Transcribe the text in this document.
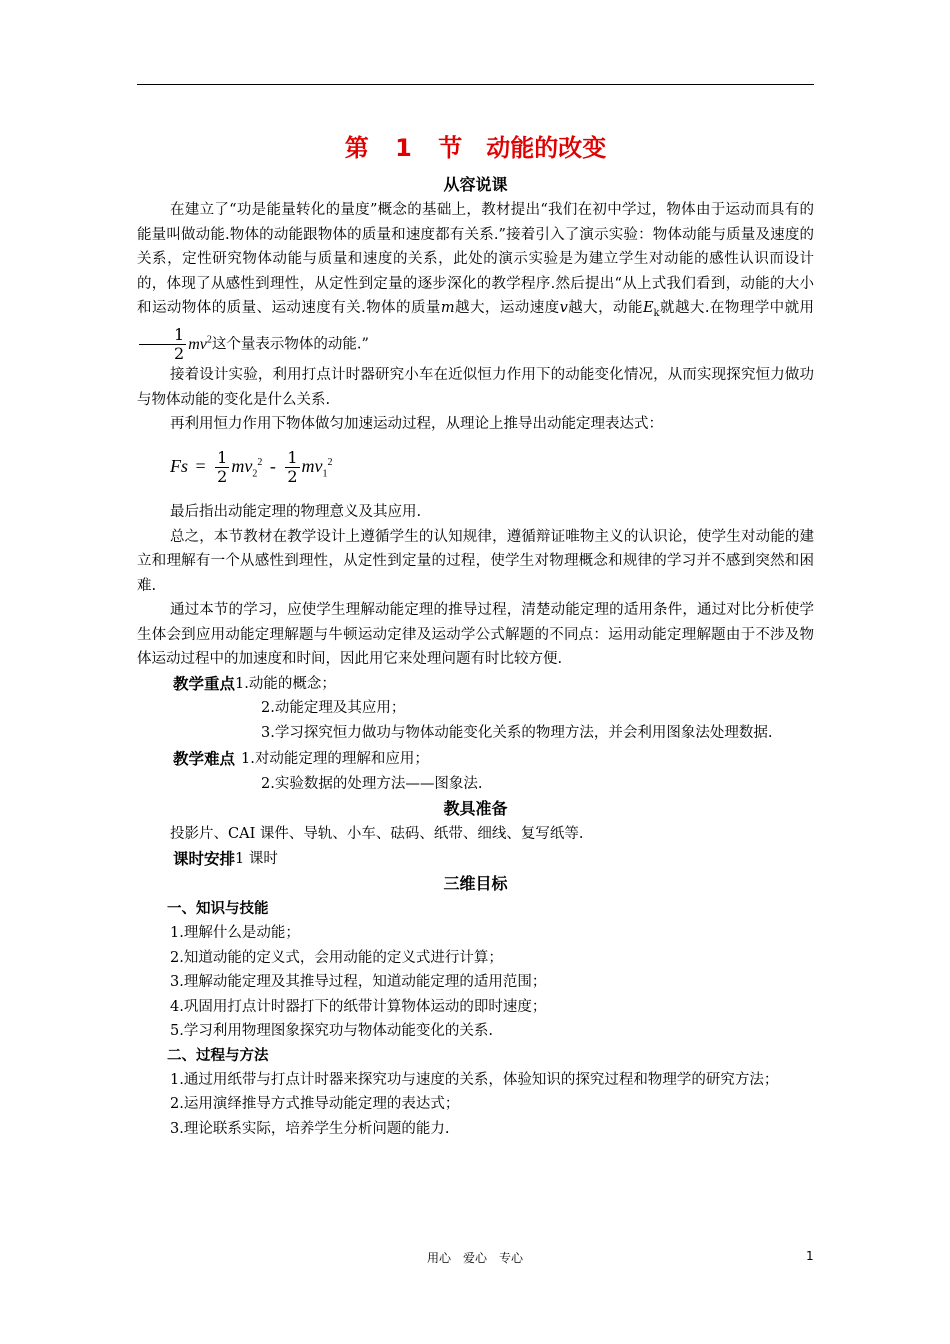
第 1 节　动能的改变
从容说课

在建立了“功是能量转化的量度”概念的基础上，教材提出“我们在初中学过，物体由于运动而具有的能量叫做动能.物体的动能跟物体的质量和速度都有关系.”接着引入了演示实验：物体动能与质量及速度的关系，定性研究物体动能与质量和速度的关系，此处的演示实验是为建立学生对动能的感性认识而设计的，体现了从感性到理性，从定性到定量的逐步深化的教学程序.然后提出“从上式我们看到，动能的大小和运动物体的质量、运动速度有关.物体的质量m越大，运动速度v越大，动能$E_k$就越大.在物理学中就用
$\frac{1}{2} mv^2$这个量表示物体的动能.”

接着设计实验，利用打点计时器研究小车在近似恒力作用下的动能变化情况，从而实现探究恒力做功与物体动能的变化是什么关系.

再利用恒力作用下物体做匀加速运动过程，从理论上推导出动能定理表达式：

$Fs = \frac{1}{2} mv_2^2 - \frac{1}{2} mv_1^2$

最后指出动能定理的物理意义及其应用.

总之，本节教材在教学设计上遵循学生的认知规律，遵循辩证唯物主义的认识论，使学生对动能的建立和理解有一个从感性到理性，从定性到定量的过程，使学生对物理概念和规律的学习并不感到突然和困难.

通过本节的学习，应使学生理解动能定理的推导过程，清楚动能定理的适用条件，通过对比分析使学生体会到应用动能定理解题与牛顿运动定律及运动学公式解题的不同点：运用动能定理解题由于不涉及物体运动过程中的加速度和时间，因此用它来处理问题有时比较方便.

教学重点 1.动能的概念；

2.动能定理及其应用；

3.学习探究恒力做功与物体动能变化关系的物理方法，并会利用图象法处理数据.

教学难点 1.对动能定理的理解和应用；

2.实验数据的处理方法——图象法.

教具准备

投影片、CAI 课件、导轨、小车、砝码、纸带、细线、复写纸等.

课时安排 1 课时
三维目标
一、知识与技能

1.理解什么是动能；

2.知道动能的定义式，会用动能的定义式进行计算；

3.理解动能定理及其推导过程，知道动能定理的适用范围；

4.巩固用打点计时器打下的纸带计算物体运动的即时速度；

5.学习利用物理图象探究功与物体动能变化的关系.

二、过程与方法

1.通过用纸带与打点计时器来探究功与速度的关系，体验知识的探究过程和物理学的研究方法；

2.运用演绎推导方式推导动能定理的表达式；

3.理论联系实际，培养学生分析问题的能力.

用心　爱心　专心	1
